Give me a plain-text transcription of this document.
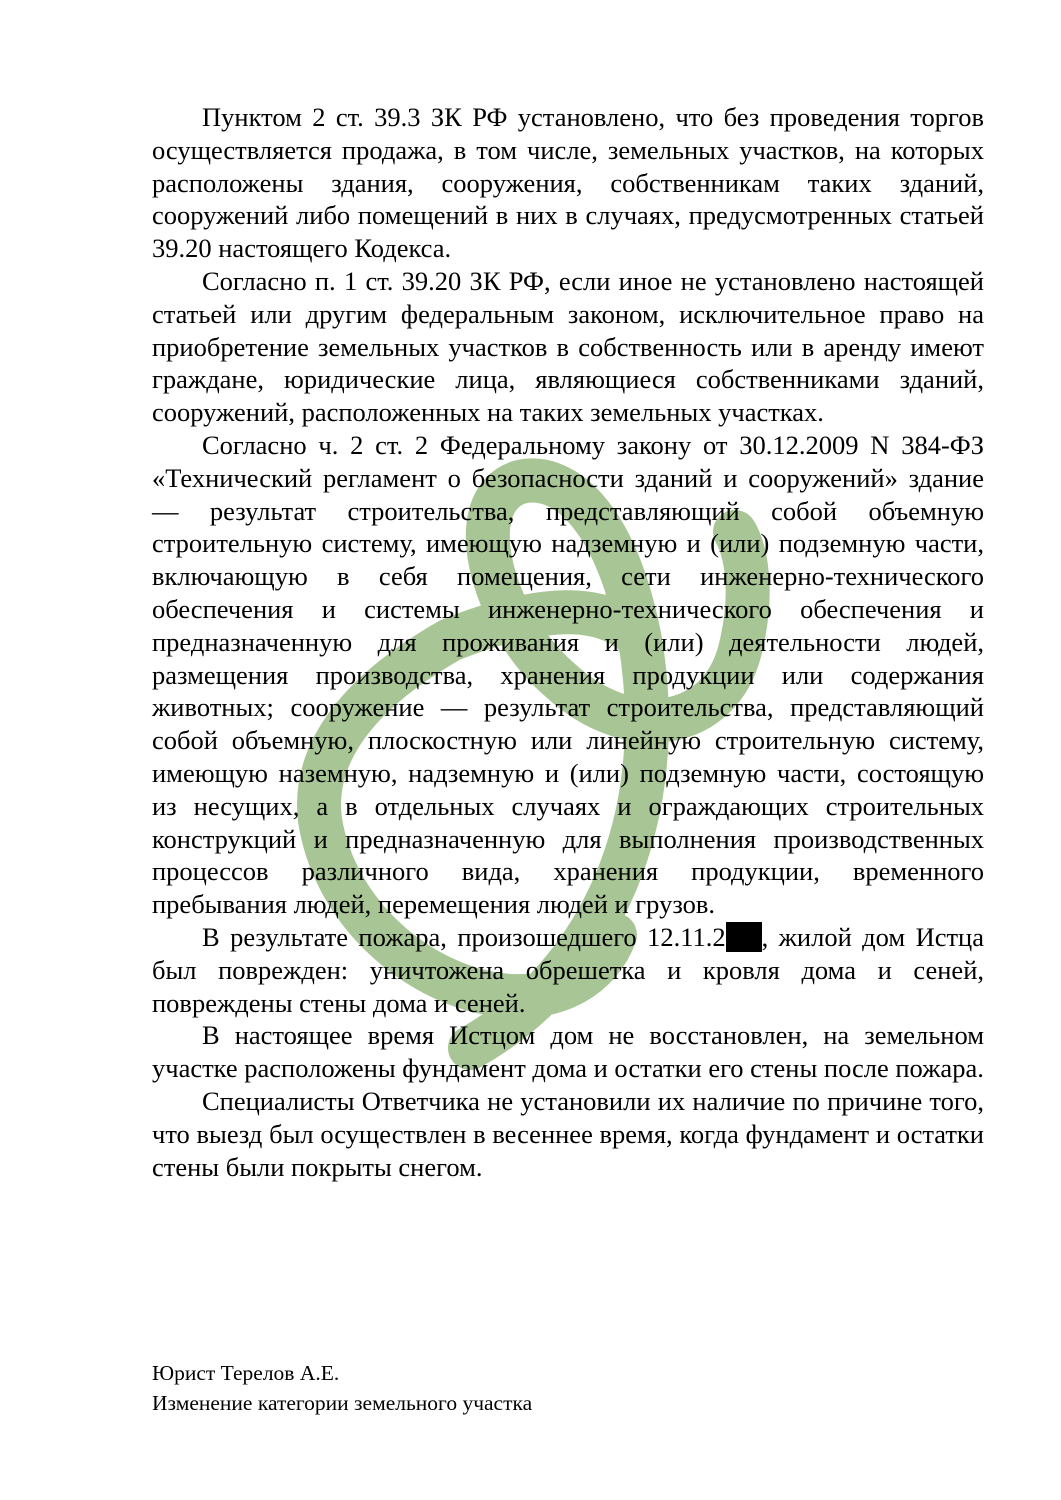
Пунктом 2 ст. 39.3 ЗК РФ установлено, что без проведения торгов осуществляется продажа, в том числе, земельных участков, на которых расположены здания, сооружения, собственникам таких зданий, сооружений либо помещений в них в случаях, предусмотренных статьей 39.20 настоящего Кодекса.

Согласно п. 1 ст. 39.20 ЗК РФ, если иное не установлено настоящей статьей или другим федеральным законом, исключительное право на приобретение земельных участков в собственность или в аренду имеют граждане, юридические лица, являющиеся собственниками зданий, сооружений, расположенных на таких земельных участках.

Согласно ч. 2 ст. 2 Федеральному закону от 30.12.2009 N 384-ФЗ «Технический регламент о безопасности зданий и сооружений» здание — результат строительства, представляющий собой объемную строительную систему, имеющую надземную и (или) подземную части, включающую в себя помещения, сети инженерно-технического обеспечения и системы инженерно-технического обеспечения и предназначенную для проживания и (или) деятельности людей, размещения производства, хранения продукции или содержания животных; сооружение — результат строительства, представляющий собой объемную, плоскостную или линейную строительную систему, имеющую наземную, надземную и (или) подземную части, состоящую из несущих, а в отдельных случаях и ограждающих строительных конструкций и предназначенную для выполнения производственных процессов различного вида, хранения продукции, временного пребывания людей, перемещения людей и грузов.

В результате пожара, произошедшего 12.11.2 , жилой дом Истца был поврежден: уничтожена обрешетка и кровля дома и сеней, повреждены стены дома и сеней.

В настоящее время Истцом дом не восстановлен, на земельном участке расположены фундамент дома и остатки его стены после пожара.

Специалисты Ответчика не установили их наличие по причине того, что выезд был осуществлен в весеннее время, когда фундамент и остатки стены были покрыты снегом.

Юрист Терелов А.Е.
Изменение категории земельного участка
